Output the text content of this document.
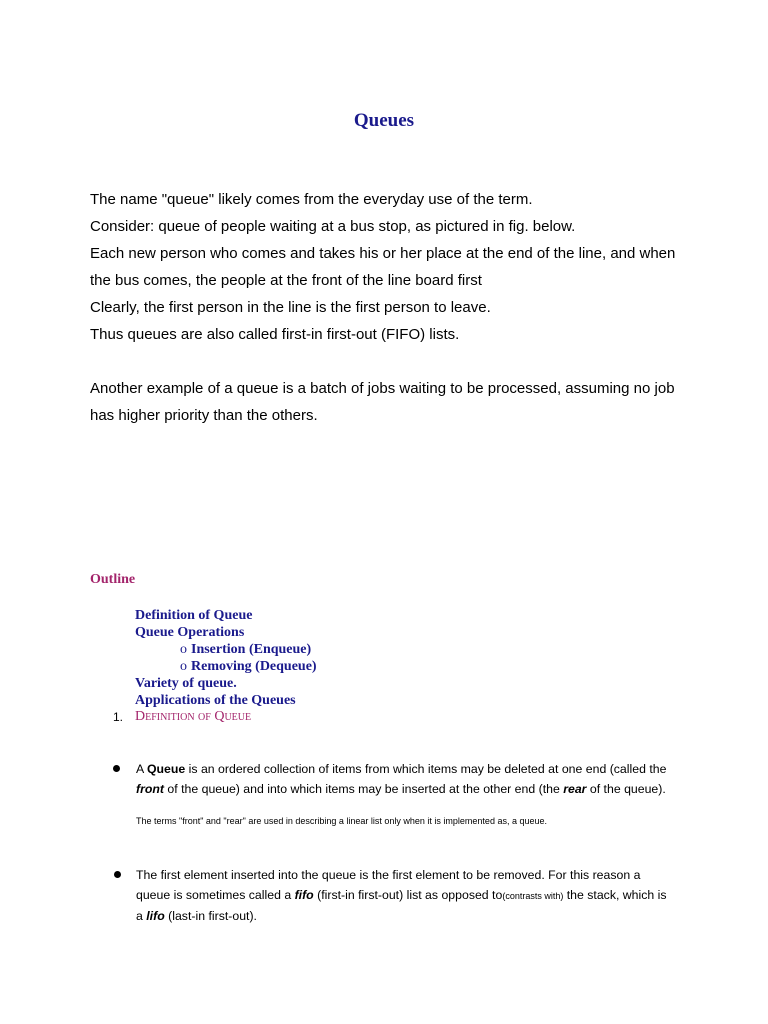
Queues
The name "queue" likely comes from the everyday use of the term.
Consider: queue of people waiting at a bus stop, as pictured in fig. below.
Each new person who comes and takes his or her place at the end of the line, and when
the bus comes, the people at the front of the line board first
Clearly, the first person in the line is the first person to leave.
Thus queues are also called first-in first-out (FIFO) lists.
Another example of a queue is a batch of jobs waiting to be processed, assuming no job
has higher priority than the others.
Outline
Definition of Queue
Queue Operations
o Insertion (Enqueue)
o Removing (Dequeue)
Variety of queue.
Applications of the Queues
1. Definition of Queue
A Queue is an ordered collection of items from which items may be deleted at one end (called the
front of the queue) and into which items may be inserted at the other end (the rear of the queue).
The terms "front" and "rear" are used in describing a linear list only when it is implemented as, a queue.
The first element inserted into the queue is the first element to be removed. For this reason a
queue is sometimes called a fifo (first-in first-out) list as opposed to(contrasts with) the stack, which is
a lifo (last-in first-out).
